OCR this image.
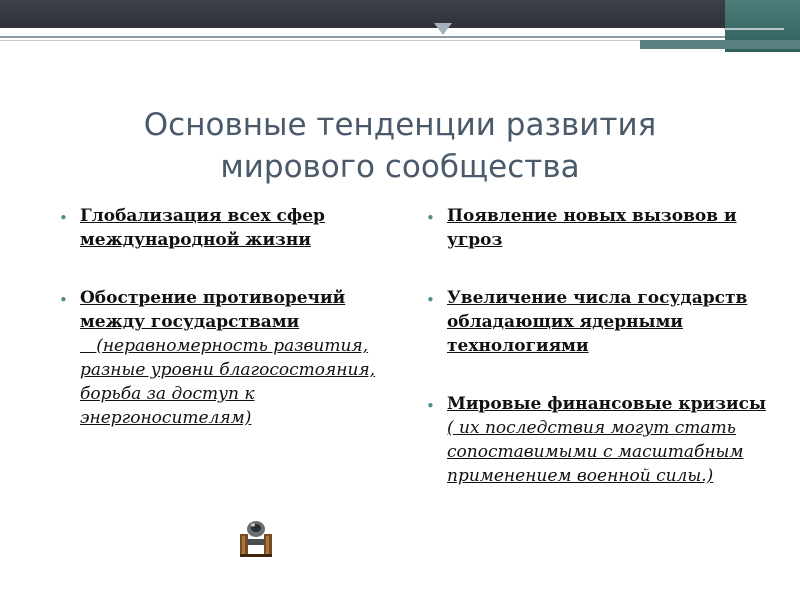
Основные тенденции развития
мирового сообщества
• Глобализация всех сфер международной жизни
• Обострение противоречий между государствами
(неравномерность развития, разные уровни благосостояния, борьба за доступ к энергоносителям)
• Появление новых вызовов и угроз
• Увеличение числа государств обладающих ядерными технологиями
• Мировые финансовые кризисы ( их последствия могут стать сопоставимыми с масштабным применением военной силы.)
